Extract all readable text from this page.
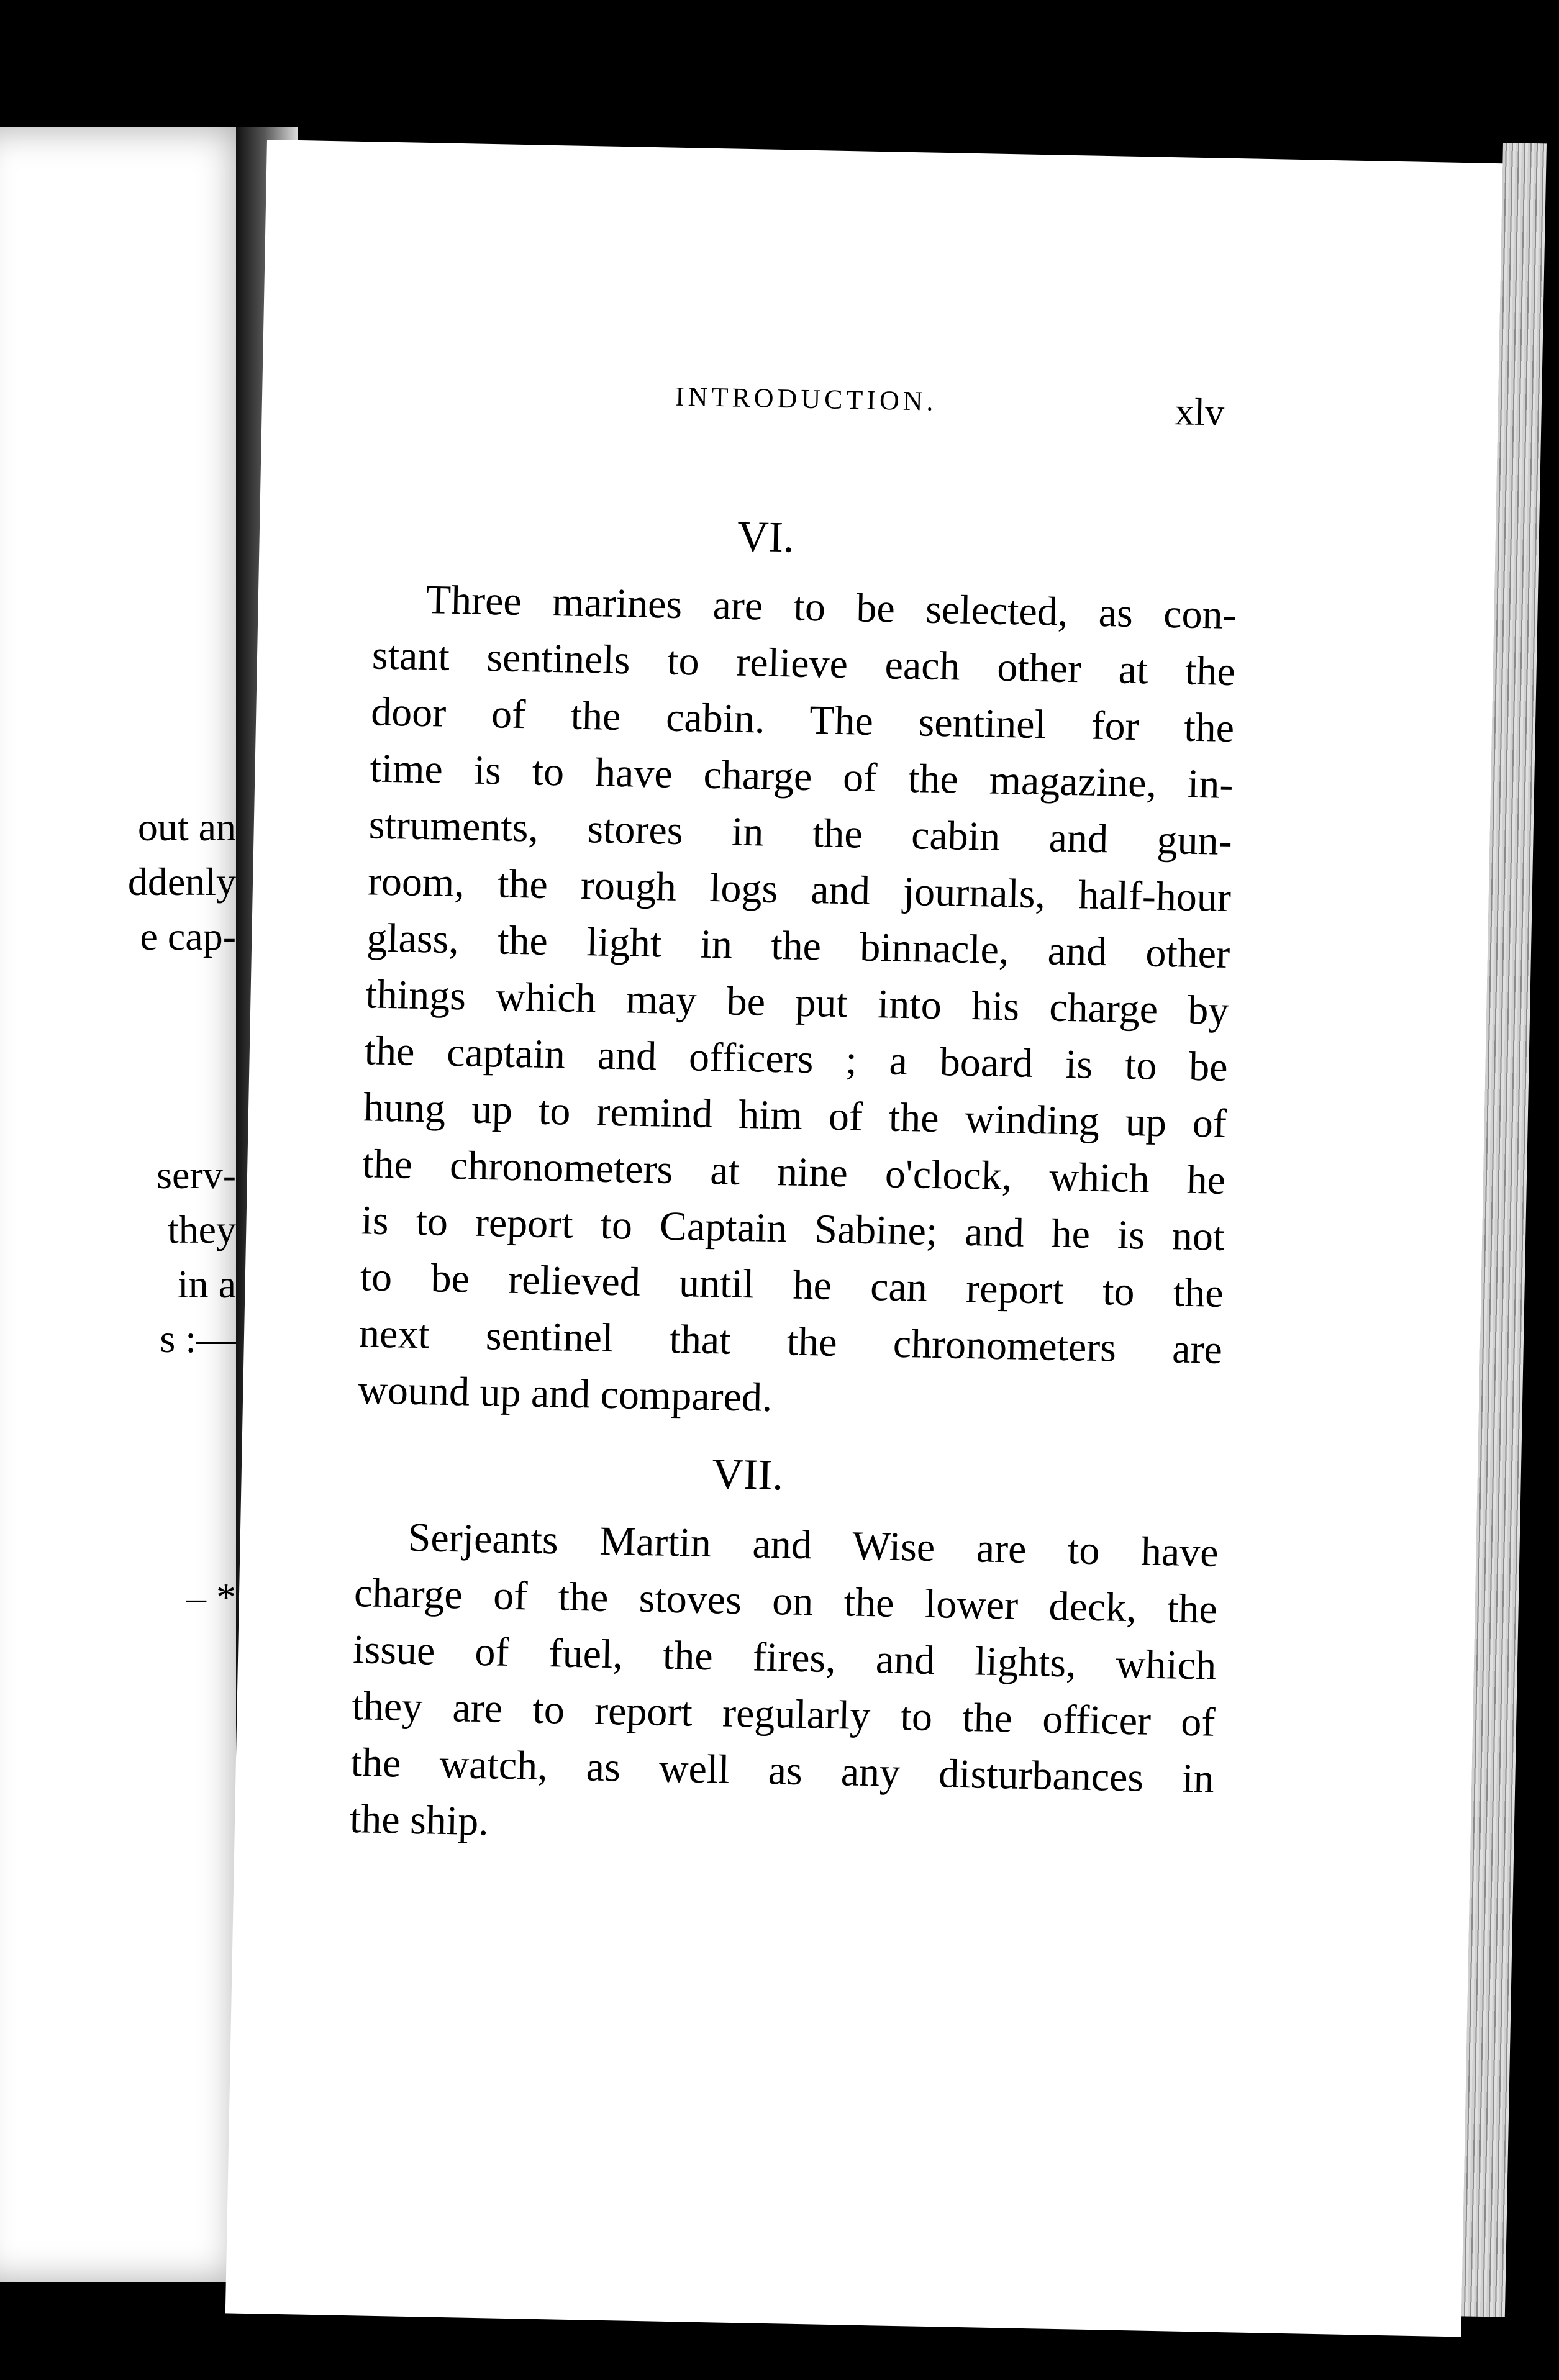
out an
ddenly
e cap-
serv-
they
in a
s :—
– *
INTRODUCTION.	xlv
VI.
Three marines are to be selected, as con-
stant sentinels to relieve each other at the
door of the cabin. The sentinel for the
time is to have charge of the magazine, in-
struments, stores in the cabin and gun-
room, the rough logs and journals, half-hour
glass, the light in the binnacle, and other
things which may be put into his charge by
the captain and officers ; a board is to be
hung up to remind him of the winding up of
the chronometers at nine o'clock, which he
is to report to Captain Sabine; and he is not
to be relieved until he can report to the
next sentinel that the chronometers are
wound up and compared.
VII.
Serjeants Martin and Wise are to have
charge of the stoves on the lower deck, the
issue of fuel, the fires, and lights, which
they are to report regularly to the officer of
the watch, as well as any disturbances in
the ship.
